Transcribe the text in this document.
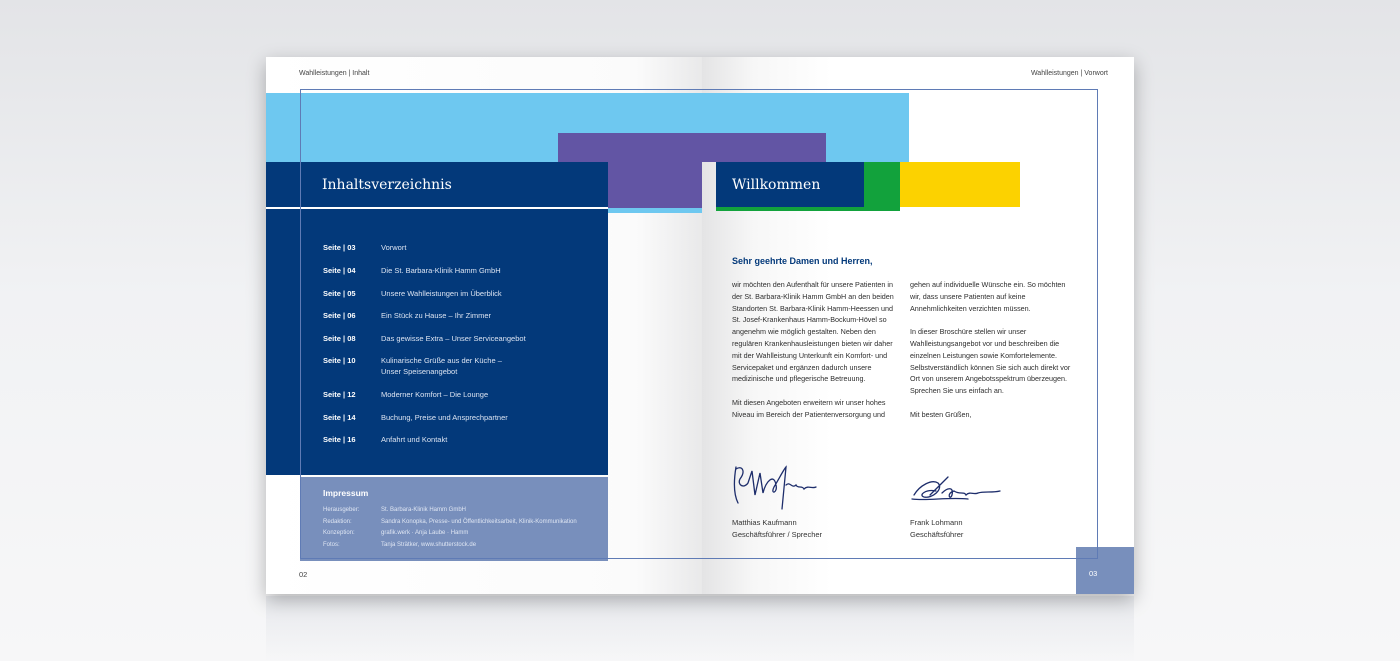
Wahlleistungen | Inhalt
Inhaltsverzeichnis
Seite | 03	Vorwort
Seite | 04	Die St. Barbara-Klinik Hamm GmbH
Seite | 05	Unsere Wahlleistungen im Überblick
Seite | 06	Ein Stück zu Hause – Ihr Zimmer
Seite | 08	Das gewisse Extra – Unser Serviceangebot
Seite | 10	Kulinarische Grüße aus der Küche –
Unser Speisenangebot
Seite | 12	Moderner Komfort – Die Lounge
Seite | 14	Buchung, Preise und Ansprechpartner
Seite | 16	Anfahrt und Kontakt
Impressum
Herausgeber:	St. Barbara-Klinik Hamm GmbH
Redaktion:	Sandra Konopka, Presse- und Öffentlichkeitsarbeit, Klinik-Kommunikation
Konzeption:	grafik.werk · Anja Laube · Hamm
Fotos:	Tanja Strätker, www.shutterstock.de
02
Wahlleistungen | Vorwort
Willkommen
Sehr geehrte Damen und Herren,

wir möchten den Aufenthalt für unsere Patienten in der St. Barbara-Klinik Hamm GmbH an den beiden Standorten St. Barbara-Klinik Hamm-Heessen und St. Josef-Krankenhaus Hamm-Bockum-Hövel so angenehm wie möglich gestalten. Neben den regulären Krankenhausleistungen bieten wir daher mit der Wahlleistung Unterkunft ein Komfort- und Servicepaket und ergänzen dadurch unsere medizinische und pflegerische Betreuung.

Mit diesen Angeboten erweitern wir unser hohes Niveau im Bereich der Patientenversorgung und

gehen auf individuelle Wünsche ein. So möchten wir, dass unsere Patienten auf keine Annehmlichkeiten verzichten müssen.

In dieser Broschüre stellen wir unser Wahlleistungsangebot vor und beschreiben die einzelnen Leistungen sowie Komfortelemente. Selbstverständlich können Sie sich auch direkt vor Ort von unserem Angebotsspektrum überzeugen. Sprechen Sie uns einfach an.

Mit besten Grüßen,

Matthias Kaufmann
Geschäftsführer / Sprecher
Frank Lohmann
Geschäftsführer
03
